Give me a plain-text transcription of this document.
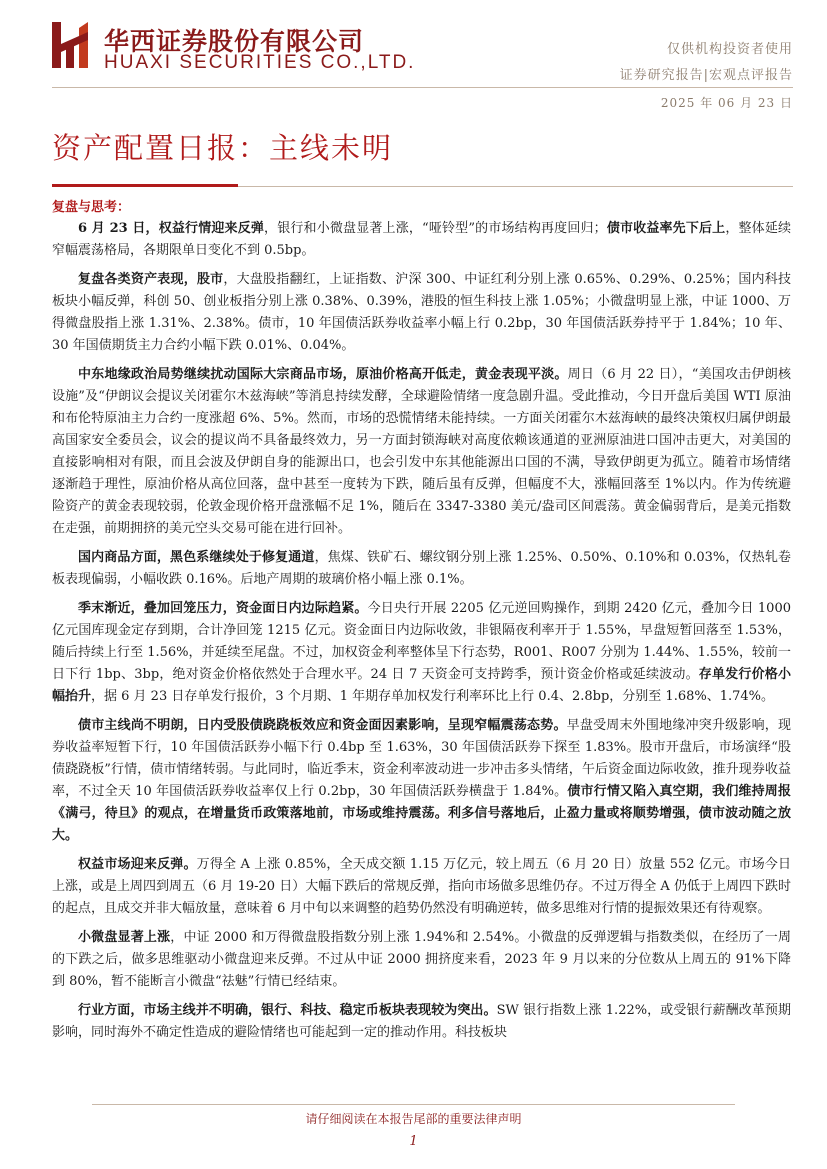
华西证券股份有限公司
HUAXI SECURITIES CO.,LTD.
仅供机构投资者使用
证券研究报告|宏观点评报告
2025 年 06 月 23 日
资产配置日报：主线未明
复盘与思考：

6 月 23 日，权益行情迎来反弹，银行和小微盘显著上涨，“哑铃型”的市场结构再度回归；债市收益率先下后上，整体延续窄幅震荡格局，各期限单日变化不到 0.5bp。

复盘各类资产表现，股市，大盘股指翻红，上证指数、沪深 300、中证红利分别上涨 0.65%、0.29%、0.25%；国内科技板块小幅反弹，科创 50、创业板指分别上涨 0.38%、0.39%，港股的恒生科技上涨 1.05%；小微盘明显上涨，中证 1000、万得微盘股指上涨 1.31%、2.38%。债市，10 年国债活跃券收益率小幅上行 0.2bp，30 年国债活跃券持平于 1.84%；10 年、30 年国债期货主力合约小幅下跌 0.01%、0.04%。

中东地缘政治局势继续扰动国际大宗商品市场，原油价格高开低走，黄金表现平淡。周日（6 月 22 日），“美国攻击伊朗核设施”及“伊朗议会提议关闭霍尔木兹海峡”等消息持续发酵，全球避险情绪一度急剧升温。受此推动，今日开盘后美国 WTI 原油和布伦特原油主力合约一度涨超 6%、5%。然而，市场的恐慌情绪未能持续。一方面关闭霍尔木兹海峡的最终决策权归属伊朗最高国家安全委员会，议会的提议尚不具备最终效力，另一方面封锁海峡对高度依赖该通道的亚洲原油进口国冲击更大，对美国的直接影响相对有限，而且会波及伊朗自身的能源出口，也会引发中东其他能源出口国的不满，导致伊朗更为孤立。随着市场情绪逐渐趋于理性，原油价格从高位回落，盘中甚至一度转为下跌，随后虽有反弹，但幅度不大，涨幅回落至 1%以内。作为传统避险资产的黄金表现较弱，伦敦金现价格开盘涨幅不足 1%，随后在 3347-3380 美元/盎司区间震荡。黄金偏弱背后，是美元指数在走强，前期拥挤的美元空头交易可能在进行回补。

国内商品方面，黑色系继续处于修复通道，焦煤、铁矿石、螺纹钢分别上涨 1.25%、0.50%、0.10%和 0.03%，仅热轧卷板表现偏弱，小幅收跌 0.16%。后地产周期的玻璃价格小幅上涨 0.1%。

季末渐近，叠加回笼压力，资金面日内边际趋紧。今日央行开展 2205 亿元逆回购操作，到期 2420 亿元，叠加今日 1000 亿元国库现金定存到期，合计净回笼 1215 亿元。资金面日内边际收敛，非银隔夜利率开于 1.55%，早盘短暂回落至 1.53%，随后持续上行至 1.56%，并延续至尾盘。不过，加权资金利率整体呈下行态势，R001、R007 分别为 1.44%、1.55%，较前一日下行 1bp、3bp，绝对资金价格依然处于合理水平。24 日 7 天资金可支持跨季，预计资金价格或延续波动。存单发行价格小幅抬升，据 6 月 23 日存单发行报价，3 个月期、1 年期存单加权发行利率环比上行 0.4、2.8bp，分别至 1.68%、1.74%。

债市主线尚不明朗，日内受股债跷跷板效应和资金面因素影响，呈现窄幅震荡态势。早盘受周末外围地缘冲突升级影响，现券收益率短暂下行，10 年国债活跃券小幅下行 0.4bp 至 1.63%，30 年国债活跃券下探至 1.83%。股市开盘后，市场演绎“股债跷跷板”行情，债市情绪转弱。与此同时，临近季末，资金利率波动进一步冲击多头情绪，午后资金面边际收敛，推升现券收益率，不过全天 10 年国债活跃券收益率仅上行 0.2bp，30 年国债活跃券横盘于 1.84%。债市行情又陷入真空期，我们维持周报《满弓，待旦》的观点，在增量货币政策落地前，市场或维持震荡。利多信号落地后，止盈力量或将顺势增强，债市波动随之放大。

权益市场迎来反弹。万得全 A 上涨 0.85%，全天成交额 1.15 万亿元，较上周五（6 月 20 日）放量 552 亿元。市场今日上涨，或是上周四到周五（6 月 19-20 日）大幅下跌后的常规反弹，指向市场做多思维仍存。不过万得全 A 仍低于上周四下跌时的起点，且成交并非大幅放量，意味着 6 月中旬以来调整的趋势仍然没有明确逆转，做多思维对行情的提振效果还有待观察。

小微盘显著上涨，中证 2000 和万得微盘股指数分别上涨 1.94%和 2.54%。小微盘的反弹逻辑与指数类似，在经历了一周的下跌之后，做多思维驱动小微盘迎来反弹。不过从中证 2000 拥挤度来看，2023 年 9 月以来的分位数从上周五的 91%下降到 80%，暂不能断言小微盘“祛魅”行情已经结束。

行业方面，市场主线并不明确，银行、科技、稳定币板块表现较为突出。SW 银行指数上涨 1.22%，或受银行薪酬改革预期影响，同时海外不确定性造成的避险情绪也可能起到一定的推动作用。科技板块

请仔细阅读在本报告尾部的重要法律声明
1
